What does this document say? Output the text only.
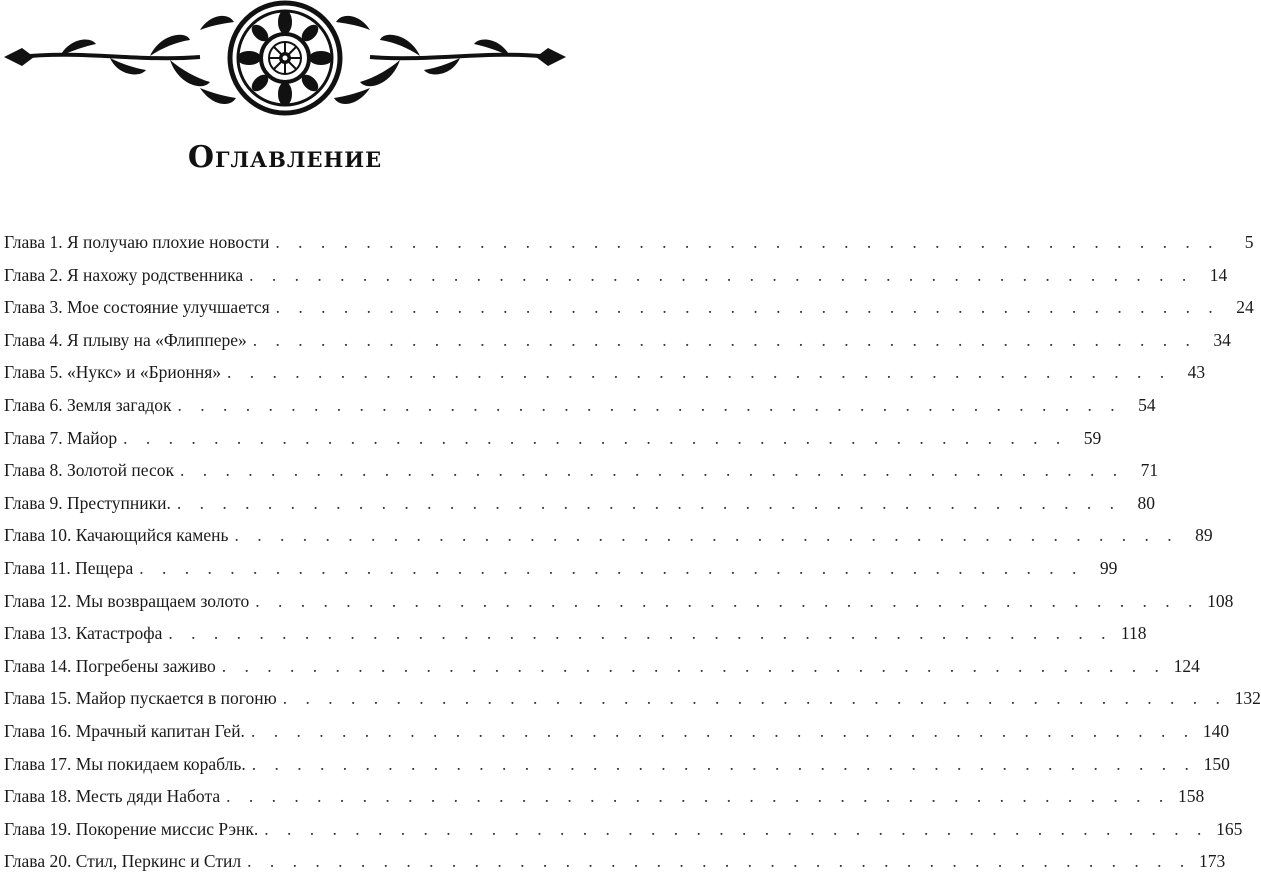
Оглавление
Глава 1. Я получаю плохие новости . . . . . . . . . . . . . . . . . . . . . . . . . . . . . . . . . . . . . . . . . .	5
Глава 2. Я нахожу родственника . . . . . . . . . . . . . . . . . . . . . . . . . . . . . . . . . . . . . . . . . . 14
Глава 3. Мое состояние улучшается . . . . . . . . . . . . . . . . . . . . . . . . . . . . . . . . . . . . . . . . . . 24
Глава 4. Я плыву на «Флиппере» . . . . . . . . . . . . . . . . . . . . . . . . . . . . . . . . . . . . . . . . . . 34
Глава 5. «Нукс» и «Брионня» . . . . . . . . . . . . . . . . . . . . . . . . . . . . . . . . . . . . . . . . . . 43
Глава 6. Земля загадок . . . . . . . . . . . . . . . . . . . . . . . . . . . . . . . . . . . . . . . . . . 54
Глава 7. Майор . . . . . . . . . . . . . . . . . . . . . . . . . . . . . . . . . . . . . . . . . . 59
Глава 8. Золотой песок . . . . . . . . . . . . . . . . . . . . . . . . . . . . . . . . . . . . . . . . . . 71
Глава 9. Преступники. . . . . . . . . . . . . . . . . . . . . . . . . . . . . . . . . . . . . . . . . . . 80
Глава 10. Качающийся камень . . . . . . . . . . . . . . . . . . . . . . . . . . . . . . . . . . . . . . . . . . 89
Глава 11. Пещера . . . . . . . . . . . . . . . . . . . . . . . . . . . . . . . . . . . . . . . . . . 99
Глава 12. Мы возвращаем золото . . . . . . . . . . . . . . . . . . . . . . . . . . . . . . . . . . . . . . . . . . 108
Глава 13. Катастрофа . . . . . . . . . . . . . . . . . . . . . . . . . . . . . . . . . . . . . . . . . . 118
Глава 14. Погребены заживо . . . . . . . . . . . . . . . . . . . . . . . . . . . . . . . . . . . . . . . . . . 124
Глава 15. Майор пускается в погоню . . . . . . . . . . . . . . . . . . . . . . . . . . . . . . . . . . . . . . . . . . 132
Глава 16. Мрачный капитан Гей. . . . . . . . . . . . . . . . . . . . . . . . . . . . . . . . . . . . . . . . . . . 140
Глава 17. Мы покидаем корабль. . . . . . . . . . . . . . . . . . . . . . . . . . . . . . . . . . . . . . . . . . . 150
Глава 18. Месть дяди Набота . . . . . . . . . . . . . . . . . . . . . . . . . . . . . . . . . . . . . . . . . . 158
Глава 19. Покорение миссис Рэнк. . . . . . . . . . . . . . . . . . . . . . . . . . . . . . . . . . . . . . . . . . . 165
Глава 20. Стил, Перкинс и Стил . . . . . . . . . . . . . . . . . . . . . . . . . . . . . . . . . . . . . . . . . . 173
